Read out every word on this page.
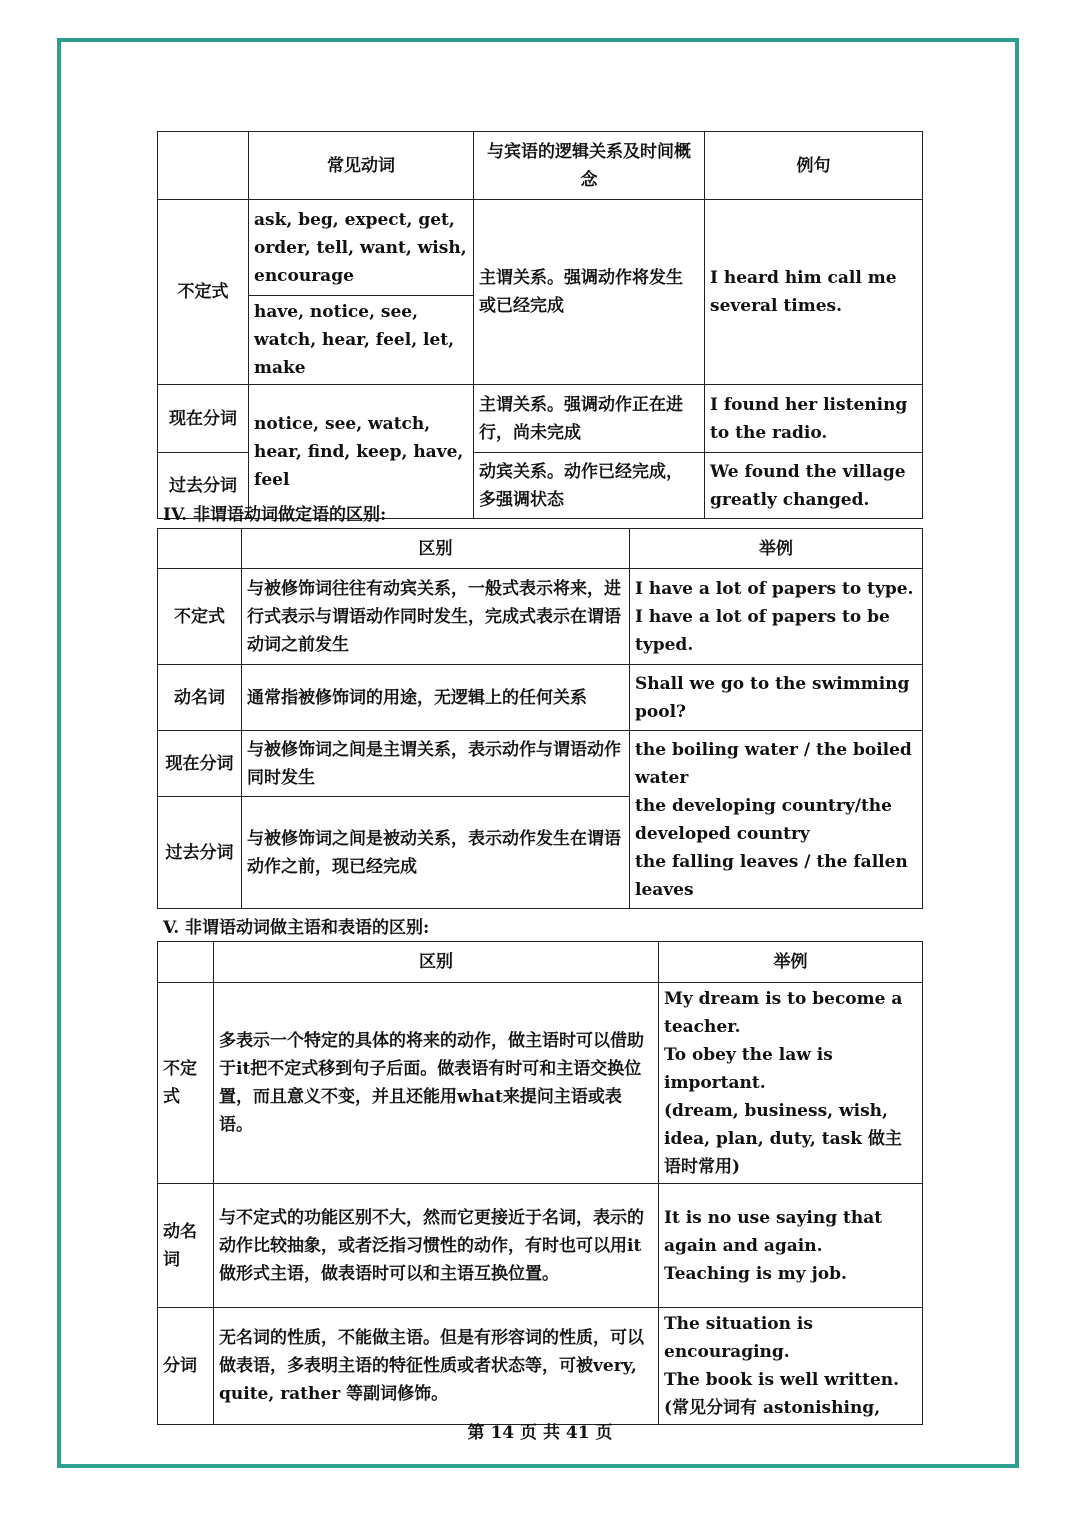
	常见动词	与宾语的逻辑关系及时间概念	例句
不定式	ask, beg, expect, get, order, tell, want, wish, encourage	主谓关系。强调动作将发生或已经完成	I heard him call me several times.
	have, notice, see, watch, hear, feel, let, make		
现在分词	notice, see, watch, hear, find, keep, have, feel	主谓关系。强调动作正在进行，尚未完成	I found her listening to the radio.
过去分词		动宾关系。动作已经完成，多强调状态	We found the village greatly changed.
IV. 非谓语动词做定语的区别:
	区别	举例
不定式	与被修饰词往往有动宾关系，一般式表示将来，进行式表示与谓语动作同时发生，完成式表示在谓语动词之前发生	I have a lot of papers to type.
I have a lot of papers to be typed.
动名词	通常指被修饰词的用途，无逻辑上的任何关系	Shall we go to the swimming pool?
现在分词	与被修饰词之间是主谓关系，表示动作与谓语动作同时发生	the boiling water / the boiled water
the developing country/the developed country
the falling leaves / the fallen leaves
过去分词	与被修饰词之间是被动关系，表示动作发生在谓语动作之前，现已经完成	
V. 非谓语动词做主语和表语的区别:
	区别	举例
不定式	多表示一个特定的具体的将来的动作，做主语时可以借助于it把不定式移到句子后面。做表语有时可和主语交换位置，而且意义不变，并且还能用what来提问主语或表语。	My dream is to become a teacher.
To obey the law is important.
(dream, business, wish, idea, plan, duty, task 做主语时常用)
动名词	与不定式的功能区别不大，然而它更接近于名词，表示的动作比较抽象，或者泛指习惯性的动作，有时也可以用it做形式主语，做表语时可以和主语互换位置。	It is no use saying that again and again.
Teaching is my job.
分词	无名词的性质，不能做主语。但是有形容词的性质，可以做表语，多表明主语的特征性质或者状态等，可被very, quite, rather 等副词修饰。	The situation is encouraging.
The book is well written.
(常见分词有 astonishing,
第 14 页 共 41 页
